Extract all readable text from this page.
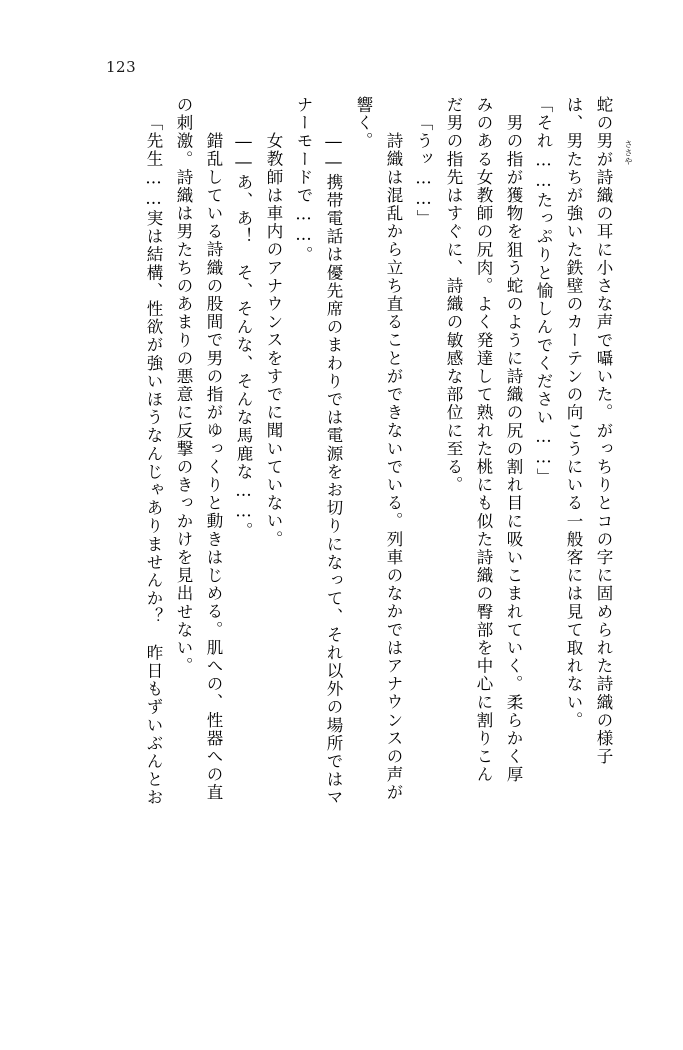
123
蛇の男が詩織の耳に小さな声で囁いた。がっちりとコの字に固められた詩織の様子
は、男たちが強いた鉄壁のカーテンの向こうにいる一般客には見て取れない。
「それ……たっぷりと愉しんでください……」
　男の指が獲物を狙う蛇のように詩織の尻の割れ目に吸いこまれていく。柔らかく厚
みのある女教師の尻肉。よく発達して熟れた桃にも似た詩織の臀部を中心に割りこん
だ男の指先はすぐに、詩織の敏感な部位に至る。
「うッ……」
　詩織は混乱から立ち直ることができないでいる。列車のなかではアナウンスの声が
響く。
　――携帯電話は優先席のまわりでは電源をお切りになって、それ以外の場所ではマ
ナーモードで……。
　女教師は車内のアナウンスをすでに聞いていない。
　――あ、あ！　そ、そんな、そんな馬鹿な……。
　錯乱している詩織の股間で男の指がゆっくりと動きはじめる。肌への、性器への直
の刺激。詩織は男たちのあまりの悪意に反撃のきっかけを見出せない。
「先生……実は結構、性欲が強いほうなんじゃありませんか？　昨日もずいぶんとお	ささや
